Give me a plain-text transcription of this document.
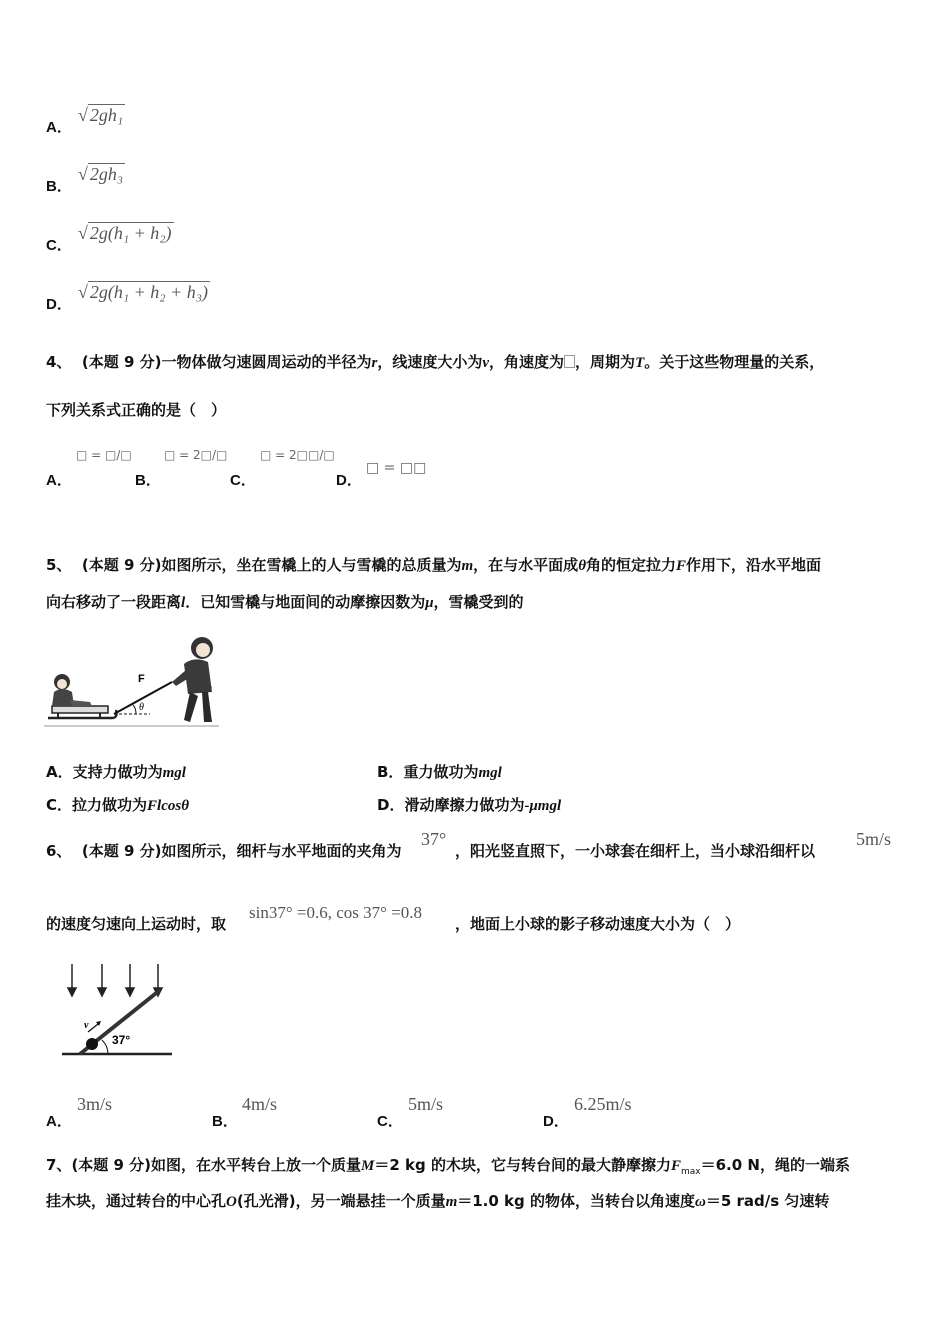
A．
√ 2gh₁
B．
√ 2gh₃
C．
√ 2g(h₁ + h₂)
D．
√ 2g(h₁ + h₂ + h₃)
4、 (本题 9 分)一物体做匀速圆周运动的半径为r，线速度大小为v，角速度为 ，周期为T。关于这些物理量的关系，
下列关系式正确的是（　）
A．
□ = □/□
B．
□ = 2□/□
C．
□ = 2□□/□
D．
□ = □□
5、 (本题 9 分)如图所示，坐在雪橇上的人与雪橇的总质量为m，在与水平面成θ角的恒定拉力F作用下，沿水平地面
向右移动了一段距离l．已知雪橇与地面间的动摩擦因数为μ，雪橇受到的
θ
F
A．支持力做功为mgl	B．重力做功为mgl
C．拉力做功为Flcosθ	D．滑动摩擦力做功为-μmgl
6、 (本题 9 分)如图所示，细杆与水平地面的夹角为
37°
，阳光竖直照下，一小球套在细杆上，当小球沿细杆以
5m/s
的速度匀速向上运动时，取
sin37° =0.6, cos 37° =0.8
，地面上小球的影子移动速度大小为（　）
v
37°
A．
3m/s
B．
4m/s
C．
5m/s
D．
6.25m/s
7、(本题 9 分)如图，在水平转台上放一个质量M＝2 kg 的木块，它与转台间的最大静摩擦力$F_{max}=6.0$ N，绳的一端系
挂木块，通过转台的中心孔O(孔光滑)，另一端悬挂一个质量m＝1.0 kg 的物体，当转台以角速度ω＝5 rad/s 匀速转
